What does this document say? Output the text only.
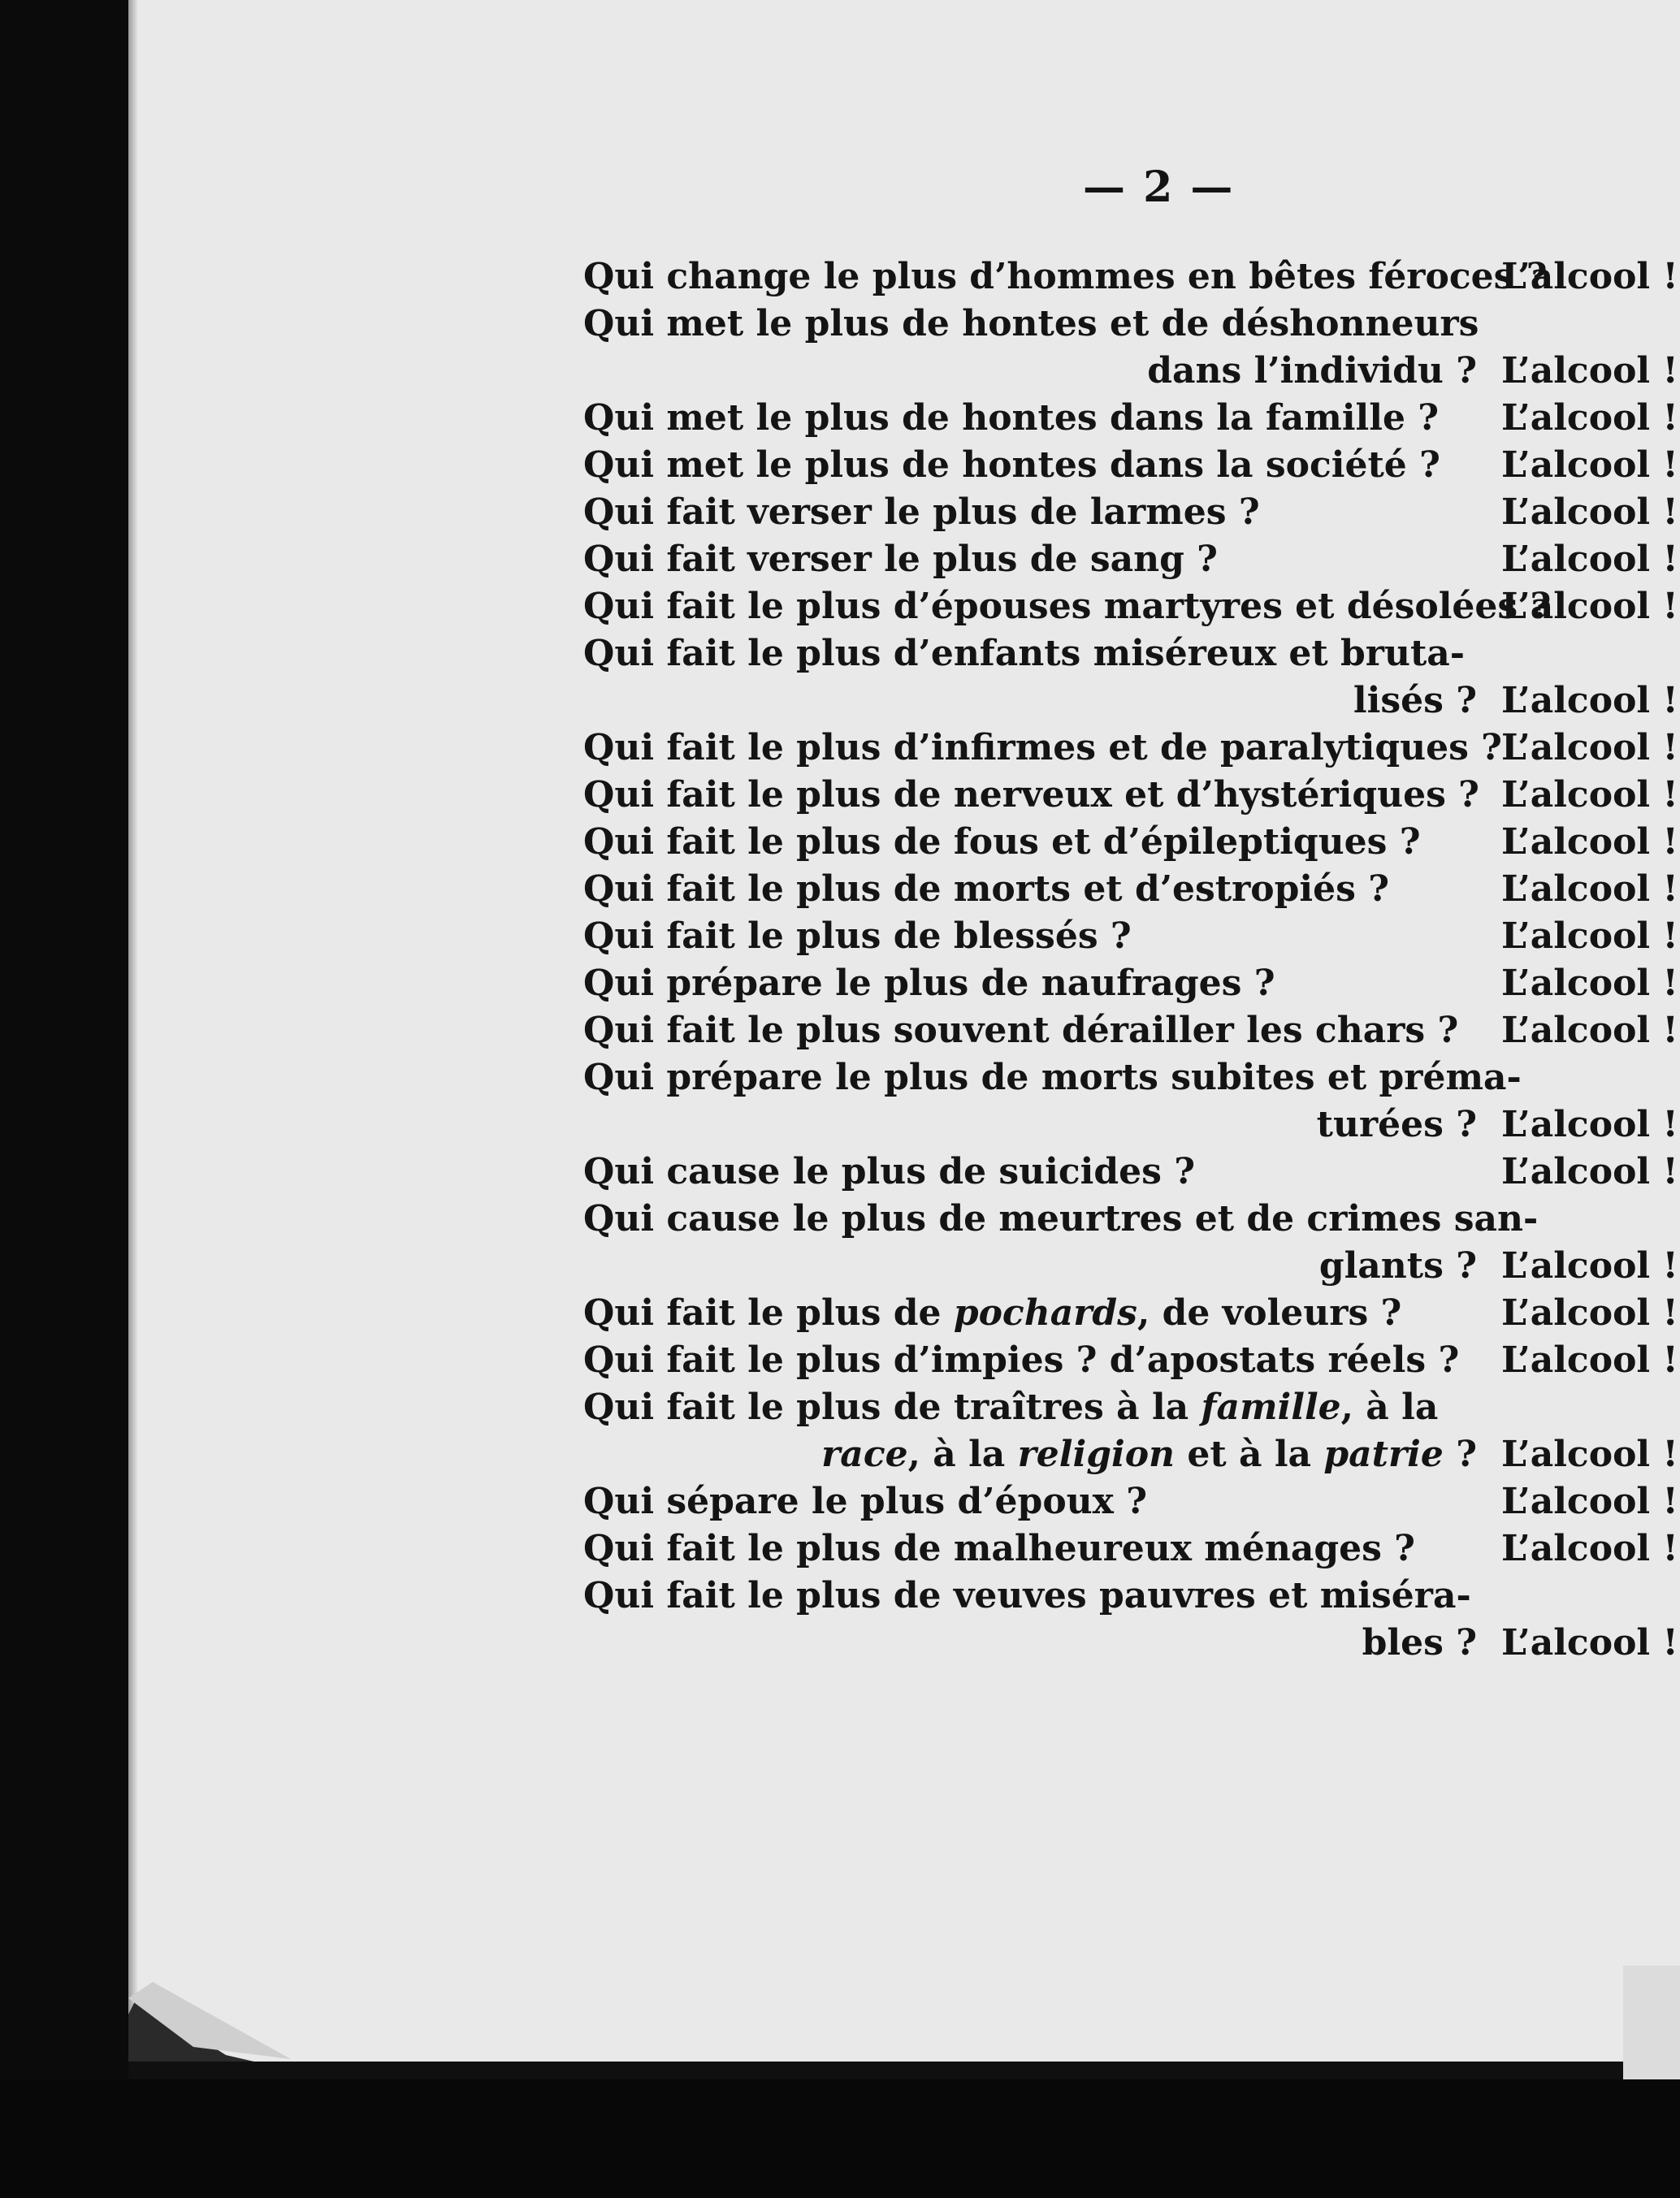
— 2 —
Qui change le plus d’hommes en bêtes féroces ?
L’alcool !
Qui met le plus de hontes et de déshonneurs
dans l’individu ? L’alcool !
Qui met le plus de hontes dans la famille ?	L’alcool !
Qui met le plus de hontes dans la société ?	L’alcool !
Qui fait verser le plus de larmes ?	L’alcool !
Qui fait verser le plus de sang ?	L’alcool !
Qui fait le plus d’épouses martyres et désolées ?
L’alcool !
Qui fait le plus d’enfants miséreux et bruta-
lisés ? L’alcool !
Qui fait le plus d’infirmes et de paralytiques ? L’alcool !
Qui fait le plus de nerveux et d’hystériques ? L’alcool !
Qui fait le plus de fous et d’épileptiques ?	L’alcool !
Qui fait le plus de morts et d’estropiés ?	L’alcool !
Qui fait le plus de blessés ?	L’alcool !
Qui prépare le plus de naufrages ?	L’alcool !
Qui fait le plus souvent dérailler les chars ?	L’alcool !
Qui prépare le plus de morts subites et préma-
turées ? L’alcool !
Qui cause le plus de suicides ?	L’alcool !
Qui cause le plus de meurtres et de crimes san-
glants ? L’alcool !
Qui fait le plus de pochards, de voleurs ?	L’alcool !
Qui fait le plus d’impies ? d’apostats réels ?	L’alcool !
Qui fait le plus de traîtres à la famille, à la
race, à la religion et à la patrie ? L’alcool !
Qui sépare le plus d’époux ?	L’alcool !
Qui fait le plus de malheureux ménages ?	L’alcool !
Qui fait le plus de veuves pauvres et miséra-
bles ? L’alcool !
